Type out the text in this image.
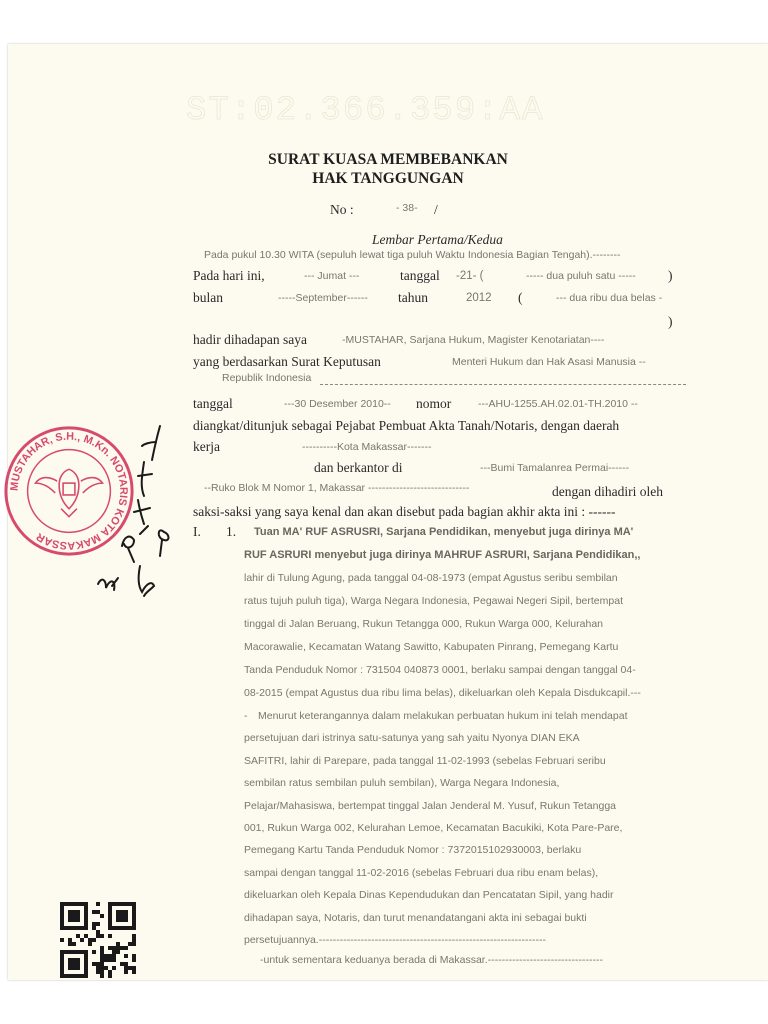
ST:02.366.359:AA
SURAT KUASA MEMBEBANKAN
HAK TANGGUNGAN
No :	- 38- /
Lembar Pertama/Kedua
Pada pukul 10.30 WITA (sepuluh lewat tiga puluh Waktu Indonesia Bagian Tengah).--------
Pada hari ini,	--- Jumat ---	tanggal -21- (	----- dua puluh satu ----- )
bulan	-----September------ tahun	2012 (	--- dua ribu dua belas -
)
hadir dihadapan saya	-MUSTAHAR, Sarjana Hukum, Magister Kenotariatan----
yang berdasarkan Surat Keputusan	Menteri Hukum dan Hak Asasi Manusia --
Republik Indonesia
tanggal	---30 Desember 2010-- nomor	---AHU-1255.AH.02.01-TH.2010 --
diangkat/ditunjuk sebagai Pejabat Pembuat Akta Tanah/Notaris, dengan daerah
kerja	----------Kota Makassar-------
dan berkantor di	---Bumi Tamalanrea Permai------
--Ruko Blok M Nomor 1, Makassar -----------------------------	dengan dihadiri oleh
saksi-saksi yang saya kenal dan akan disebut pada bagian akhir akta ini : ------
I. 1. Tuan MA' RUF ASRUSRI, Sarjana Pendidikan, menyebut juga dirinya MA'
RUF ASRURI menyebut juga dirinya MAHRUF ASRURI, Sarjana Pendidikan,,
lahir di Tulung Agung, pada tanggal 04-08-1973 (empat Agustus seribu sembilan
ratus tujuh puluh tiga), Warga Negara Indonesia, Pegawai Negeri Sipil, bertempat
tinggal di Jalan Beruang, Rukun Tetangga 000, Rukun Warga 000, Kelurahan
Macorawalie, Kecamatan Watang Sawitto, Kabupaten Pinrang, Pemegang Kartu
Tanda Penduduk Nomor : 731504 040873 0001, berlaku sampai dengan tanggal 04-
08-2015 (empat Agustus dua ribu lima belas), dikeluarkan oleh Kepala Disdukcapil.---
- Menurut keterangannya dalam melakukan perbuatan hukum ini telah mendapat
persetujuan dari istrinya satu-satunya yang sah yaitu Nyonya DIAN EKA
SAFITRI, lahir di Parepare, pada tanggal 11-02-1993 (sebelas Februari seribu
sembilan ratus sembilan puluh sembilan), Warga Negara Indonesia,
Pelajar/Mahasiswa, bertempat tinggal Jalan Jenderal M. Yusuf, Rukun Tetangga
001, Rukun Warga 002, Kelurahan Lemoe, Kecamatan Bacukiki, Kota Pare-Pare,
Pemegang Kartu Tanda Penduduk Nomor : 7372015102930003, berlaku
sampai dengan tanggal 11-02-2016 (sebelas Februari dua ribu enam belas),
dikeluarkan oleh Kepala Dinas Kependudukan dan Pencatatan Sipil, yang hadir
dihadapan saya, Notaris, dan turut menandatangani akta ini sebagai bukti
persetujuannya.-----------------------------------------------------------------
-untuk sementara keduanya berada di Makassar.---------------------------------
MUSTAHAR, S.H., M.Kn. NOTARIS KOTA MAKASSAR
